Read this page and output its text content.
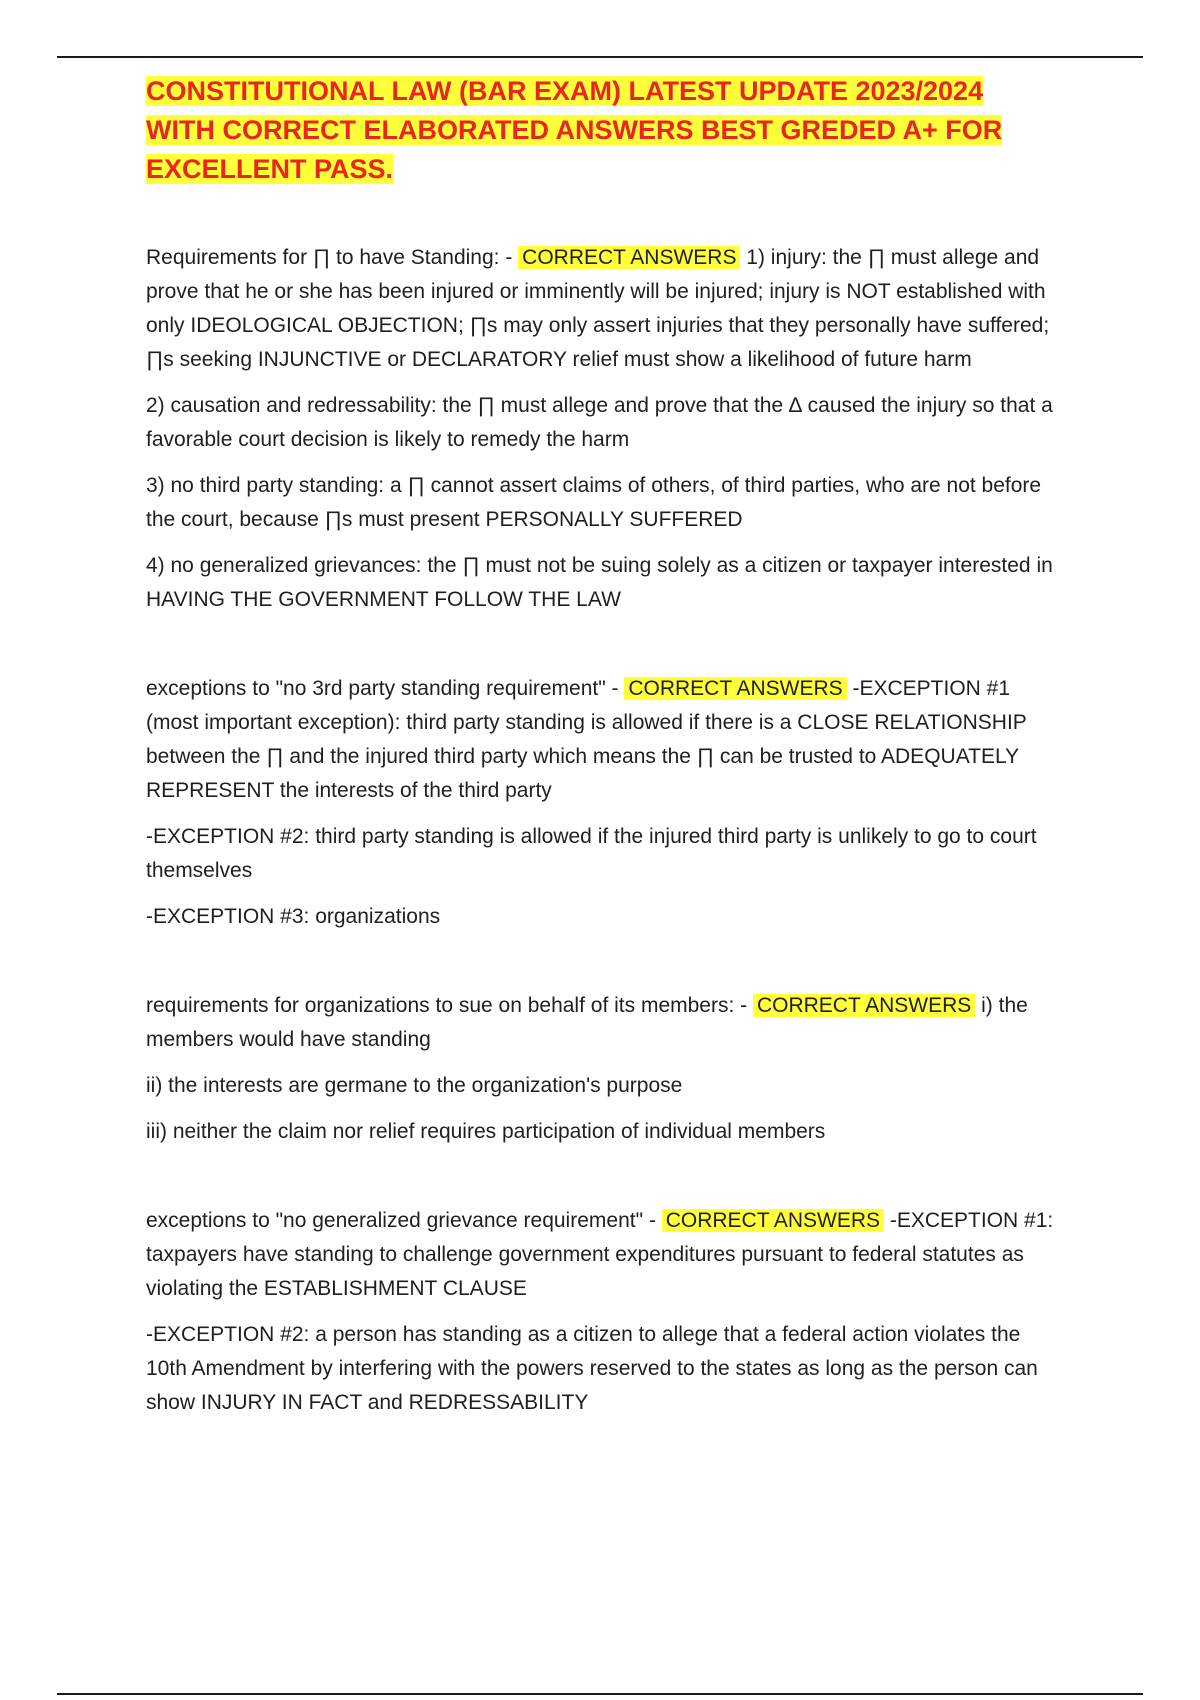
CONSTITUTIONAL LAW (BAR EXAM) LATEST UPDATE 2023/2024
WITH CORRECT ELABORATED ANSWERS BEST GREDED A+ FOR
EXCELLENT PASS.

Requirements for ∏ to have Standing: - CORRECT ANSWERS 1) injury: the ∏ must allege and prove that he or she has been injured or imminently will be injured; injury is NOT established with only IDEOLOGICAL OBJECTION; ∏s may only assert injuries that they personally have suffered; ∏s seeking INJUNCTIVE or DECLARATORY relief must show a likelihood of future harm

2) causation and redressability: the ∏ must allege and prove that the ∆ caused the injury so that a favorable court decision is likely to remedy the harm

3) no third party standing: a ∏ cannot assert claims of others, of third parties, who are not before the court, because ∏s must present PERSONALLY SUFFERED

4) no generalized grievances: the ∏ must not be suing solely as a citizen or taxpayer interested in HAVING THE GOVERNMENT FOLLOW THE LAW

exceptions to "no 3rd party standing requirement" - CORRECT ANSWERS -EXCEPTION #1 (most important exception): third party standing is allowed if there is a CLOSE RELATIONSHIP between the ∏ and the injured third party which means the ∏ can be trusted to ADEQUATELY REPRESENT the interests of the third party

-EXCEPTION #2: third party standing is allowed if the injured third party is unlikely to go to court themselves

-EXCEPTION #3: organizations

requirements for organizations to sue on behalf of its members: - CORRECT ANSWERS i) the members would have standing

ii) the interests are germane to the organization's purpose

iii) neither the claim nor relief requires participation of individual members

exceptions to "no generalized grievance requirement" - CORRECT ANSWERS -EXCEPTION #1: taxpayers have standing to challenge government expenditures pursuant to federal statutes as violating the ESTABLISHMENT CLAUSE

-EXCEPTION #2: a person has standing as a citizen to allege that a federal action violates the 10th Amendment by interfering with the powers reserved to the states as long as the person can show INJURY IN FACT and REDRESSABILITY
